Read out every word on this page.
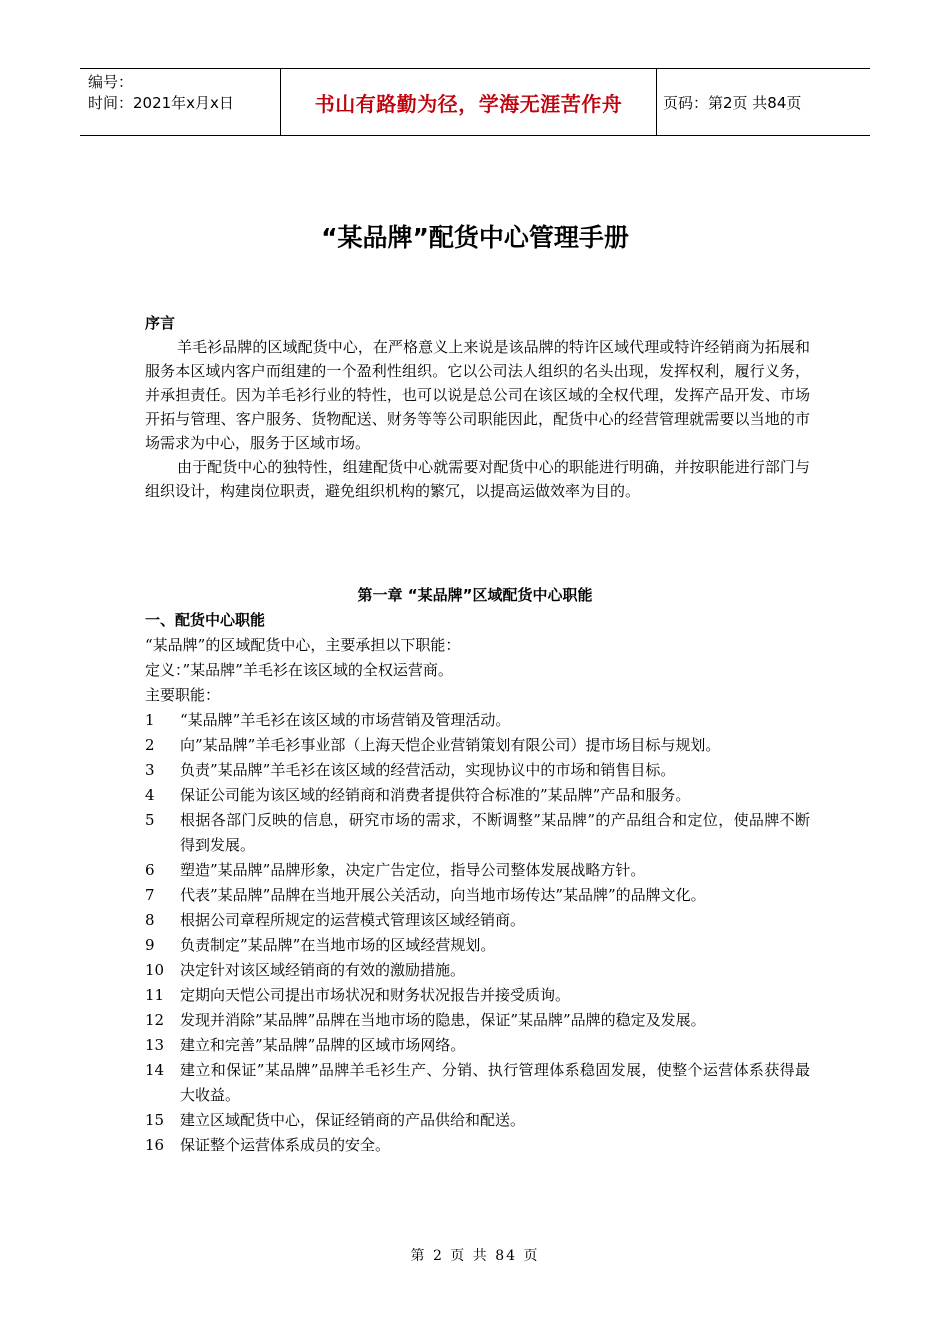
编号：
时间：2021年x月x日	书山有路勤为径，学海无涯苦作舟	页码：第2页 共84页
“某品牌”配货中心管理手册
序言

羊毛衫品牌的区域配货中心，在严格意义上来说是该品牌的特许区域代理或特许经销商为拓展和服务本区域内客户而组建的一个盈利性组织。它以公司法人组织的名头出现，发挥权利，履行义务，并承担责任。因为羊毛衫行业的特性，也可以说是总公司在该区域的全权代理，发挥产品开发、市场开拓与管理、客户服务、货物配送、财务等等公司职能因此，配货中心的经营管理就需要以当地的市场需求为中心，服务于区域市场。

由于配货中心的独特性，组建配货中心就需要对配货中心的职能进行明确，并按职能进行部门与组织设计，构建岗位职责，避免组织机构的繁冗，以提高运做效率为目的。

第一章 “某品牌”区域配货中心职能
一、配货中心职能
“某品牌”的区域配货中心，主要承担以下职能：
定义：”某品牌”羊毛衫在该区域的全权运营商。
主要职能：
1	“某品牌”羊毛衫在该区域的市场营销及管理活动。
2	向”某品牌”羊毛衫事业部（上海天恺企业营销策划有限公司）提市场目标与规划。
3	负责”某品牌”羊毛衫在该区域的经营活动，实现协议中的市场和销售目标。
4	保证公司能为该区域的经销商和消费者提供符合标准的”某品牌”产品和服务。
5	根据各部门反映的信息，研究市场的需求，不断调整”某品牌”的产品组合和定位，使品牌不断得到发展。
6	塑造”某品牌”品牌形象，决定广告定位，指导公司整体发展战略方针。
7	代表”某品牌”品牌在当地开展公关活动，向当地市场传达”某品牌”的品牌文化。
8	根据公司章程所规定的运营模式管理该区域经销商。
9	负责制定”某品牌”在当地市场的区域经营规划。
10	决定针对该区域经销商的有效的激励措施。
11	定期向天恺公司提出市场状况和财务状况报告并接受质询。
12	发现并消除”某品牌”品牌在当地市场的隐患，保证”某品牌”品牌的稳定及发展。
13	建立和完善”某品牌”品牌的区域市场网络。
14	建立和保证”某品牌”品牌羊毛衫生产、分销、执行管理体系稳固发展，使整个运营体系获得最大收益。
15	建立区域配货中心，保证经销商的产品供给和配送。
16	保证整个运营体系成员的安全。
第 2 页 共 84 页
